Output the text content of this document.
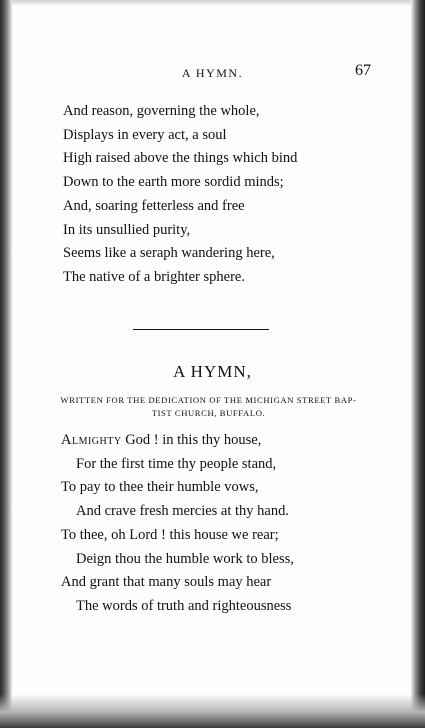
A HYMN.	67
And reason, governing the whole,
Displays in every act, a soul
High raised above the things which bind
Down to the earth more sordid minds;
And, soaring fetterless and free
In its unsullied purity,
Seems like a seraph wandering here,
The native of a brighter sphere.
A HYMN,
WRITTEN FOR THE DEDICATION OF THE MICHIGAN STREET BAP-
TIST CHURCH, BUFFALO.
Almighty God ! in this thy house,
For the first time thy people stand,
To pay to thee their humble vows,
And crave fresh mercies at thy hand.
To thee, oh Lord ! this house we rear;
Deign thou the humble work to bless,
And grant that many souls may hear
The words of truth and righteousness
